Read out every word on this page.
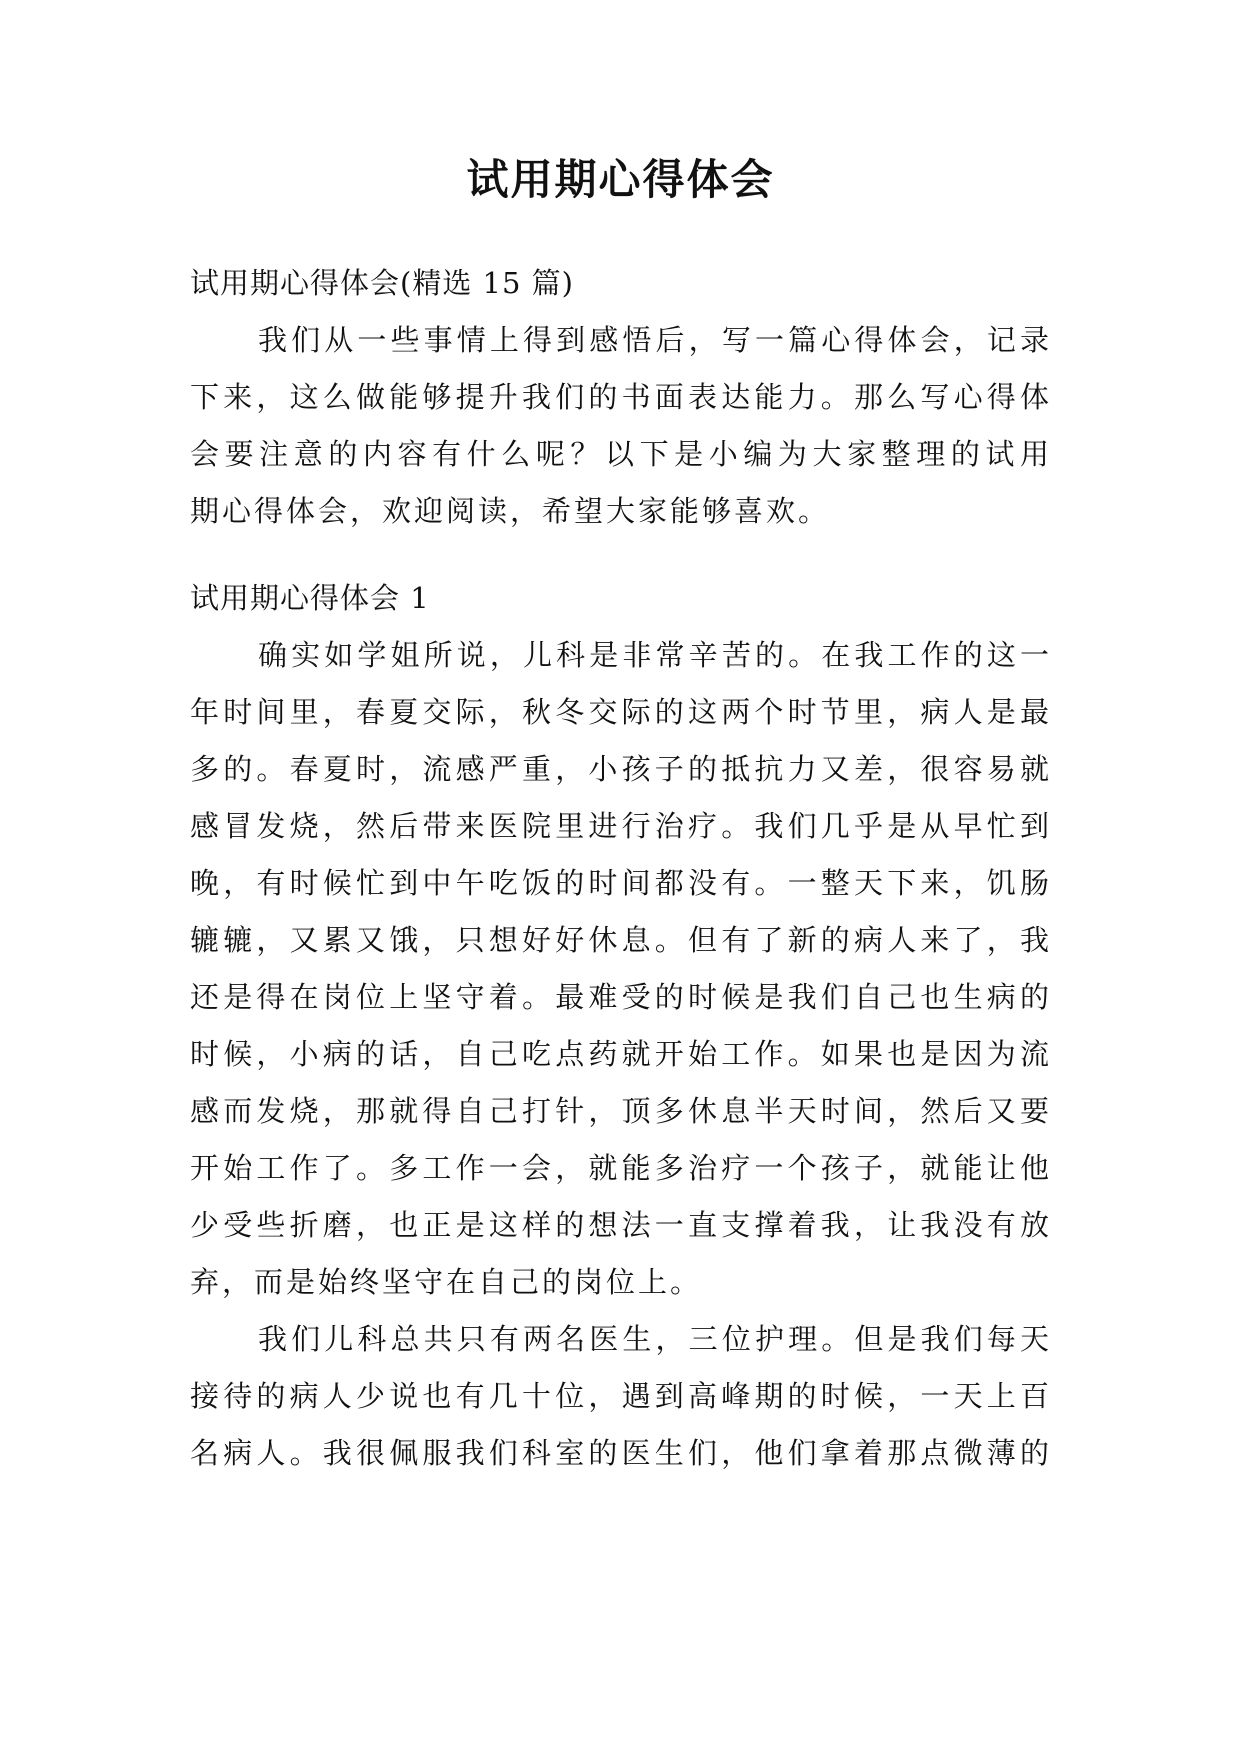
试用期心得体会
试用期心得体会(精选 15 篇)
我们从一些事情上得到感悟后，写一篇心得体会，记录
下来，这么做能够提升我们的书面表达能力。那么写心得体
会要注意的内容有什么呢？以下是小编为大家整理的试用
期心得体会，欢迎阅读，希望大家能够喜欢。
试用期心得体会 1
确实如学姐所说，儿科是非常辛苦的。在我工作的这一
年时间里，春夏交际，秋冬交际的这两个时节里，病人是最
多的。春夏时，流感严重，小孩子的抵抗力又差，很容易就
感冒发烧，然后带来医院里进行治疗。我们几乎是从早忙到
晚，有时候忙到中午吃饭的时间都没有。一整天下来，饥肠
辘辘，又累又饿，只想好好休息。但有了新的病人来了，我
还是得在岗位上坚守着。最难受的时候是我们自己也生病的
时候，小病的话，自己吃点药就开始工作。如果也是因为流
感而发烧，那就得自己打针，顶多休息半天时间，然后又要
开始工作了。多工作一会，就能多治疗一个孩子，就能让他
少受些折磨，也正是这样的想法一直支撑着我，让我没有放
弃，而是始终坚守在自己的岗位上。
我们儿科总共只有两名医生，三位护理。但是我们每天
接待的病人少说也有几十位，遇到高峰期的时候，一天上百
名病人。我很佩服我们科室的医生们，他们拿着那点微薄的
